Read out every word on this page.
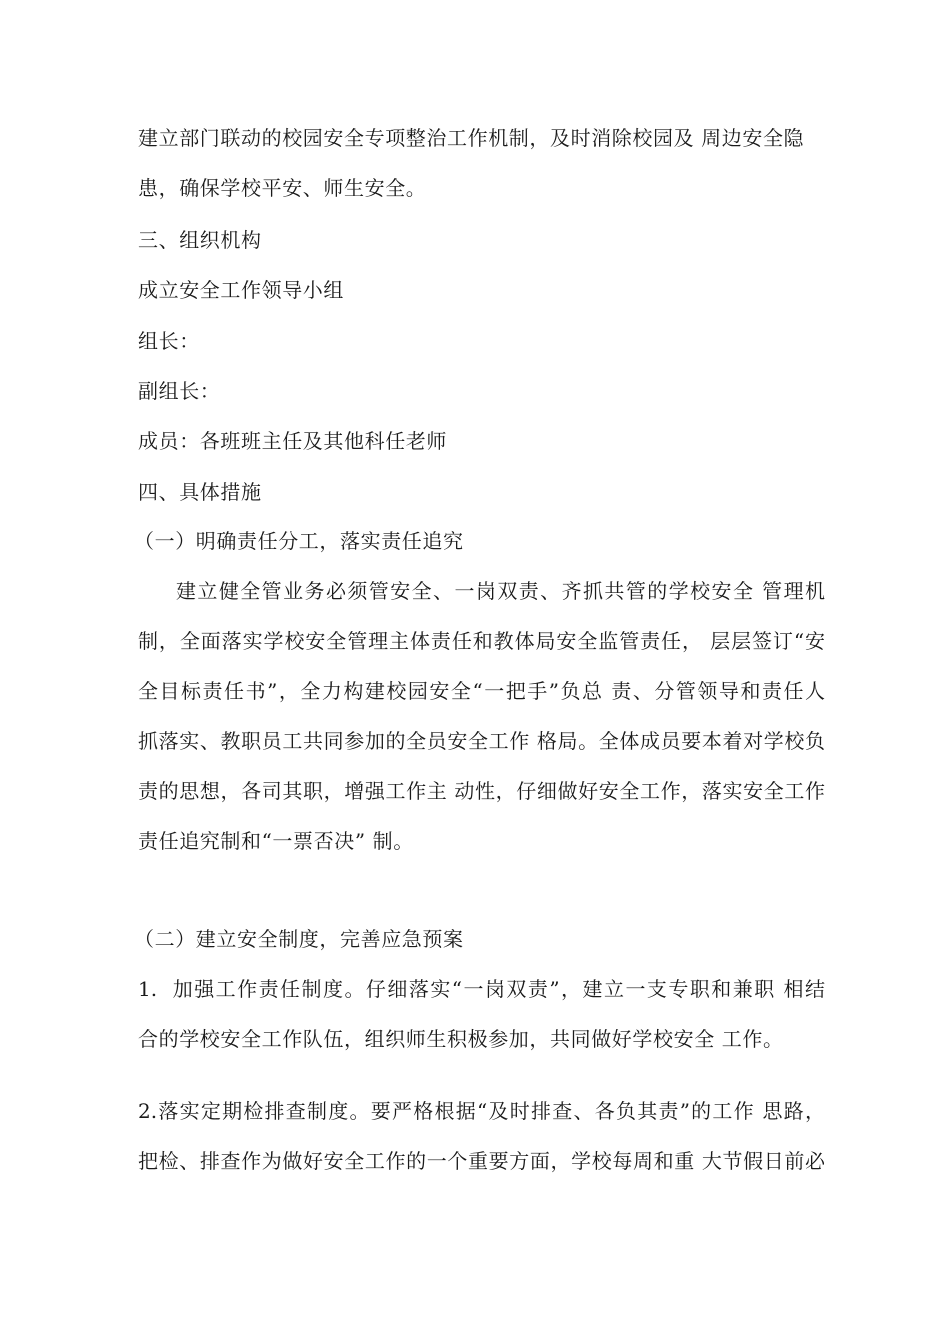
建立部门联动的校园安全专项整治工作机制，及时消除校园及 周边安全隐
患，确保学校平安、师生安全。
三、组织机构
成立安全工作领导小组
组长：
副组长：
成员：各班班主任及其他科任老师
四、具体措施
（一）明确责任分工，落实责任追究
建立健全管业务必须管安全、一岗双责、齐抓共管的学校安全 管理机
制，全面落实学校安全管理主体责任和教体局安全监管责任， 层层签订“安
全目标责任书”，全力构建校园安全“一把手”负总 责、分管领导和责任人
抓落实、教职员工共同参加的全员安全工作 格局。全体成员要本着对学校负
责的思想，各司其职，增强工作主 动性，仔细做好安全工作，落实安全工作
责任追究制和“一票否决” 制。
（二）建立安全制度，完善应急预案
1.  加强工作责任制度。仔细落实“一岗双责”，建立一支专职和兼职 相结
合的学校安全工作队伍，组织师生积极参加，共同做好学校安全 工作。
2.落实定期检排查制度。要严格根据“及时排查、各负其责”的工作 思路，
把检、排查作为做好安全工作的一个重要方面，学校每周和重 大节假日前必
